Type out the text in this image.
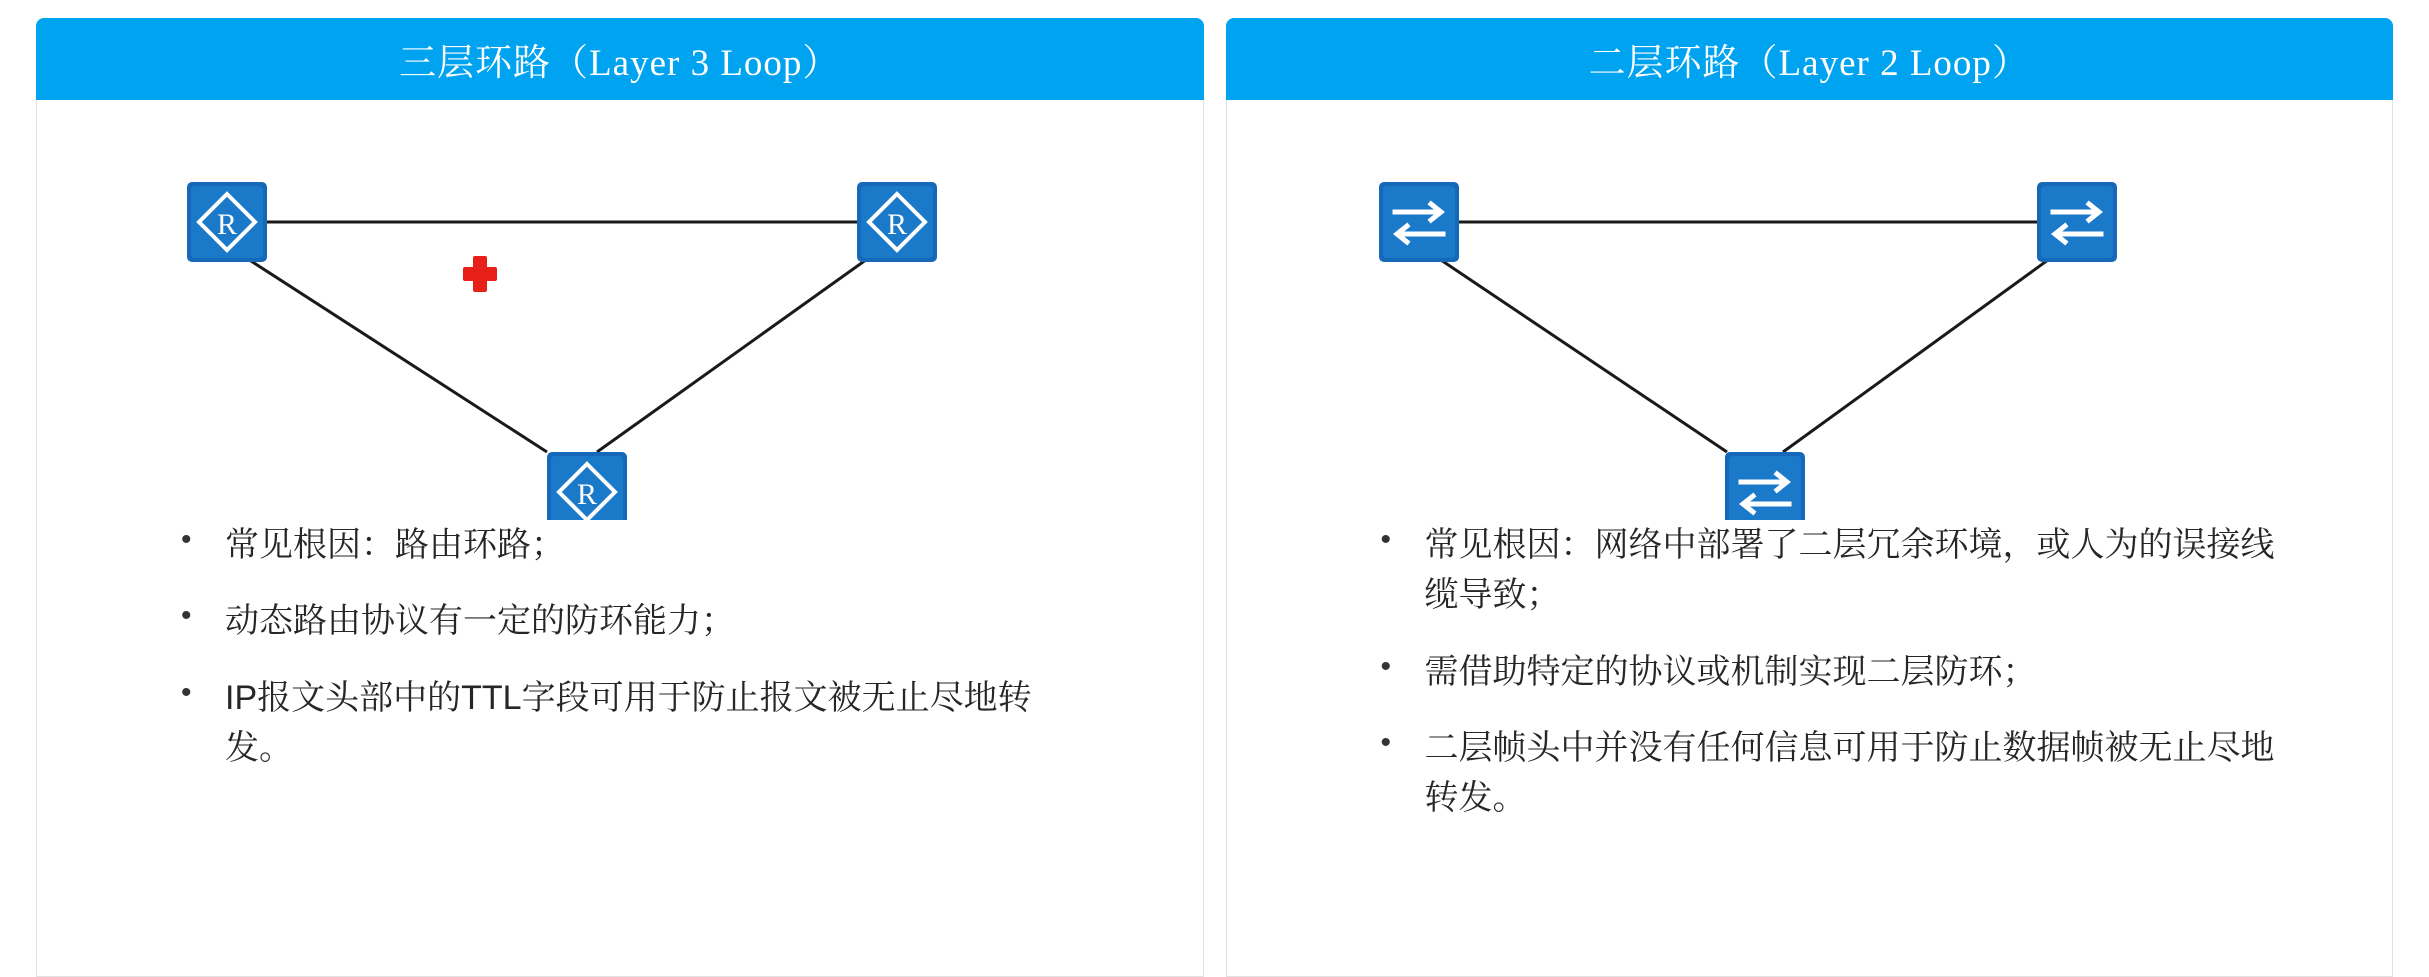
三层环路（Layer 3 Loop）
R	R
R
• 常见根因：路由环路；
• 动态路由协议有一定的防环能力；
• IP报文头部中的TTL字段可用于防止报文被无止尽地转发。
二层环路（Layer 2 Loop）
• 常见根因：网络中部署了二层冗余环境，或人为的误接线缆导致；
• 需借助特定的协议或机制实现二层防环；
• 二层帧头中并没有任何信息可用于防止数据帧被无止尽地转发。
